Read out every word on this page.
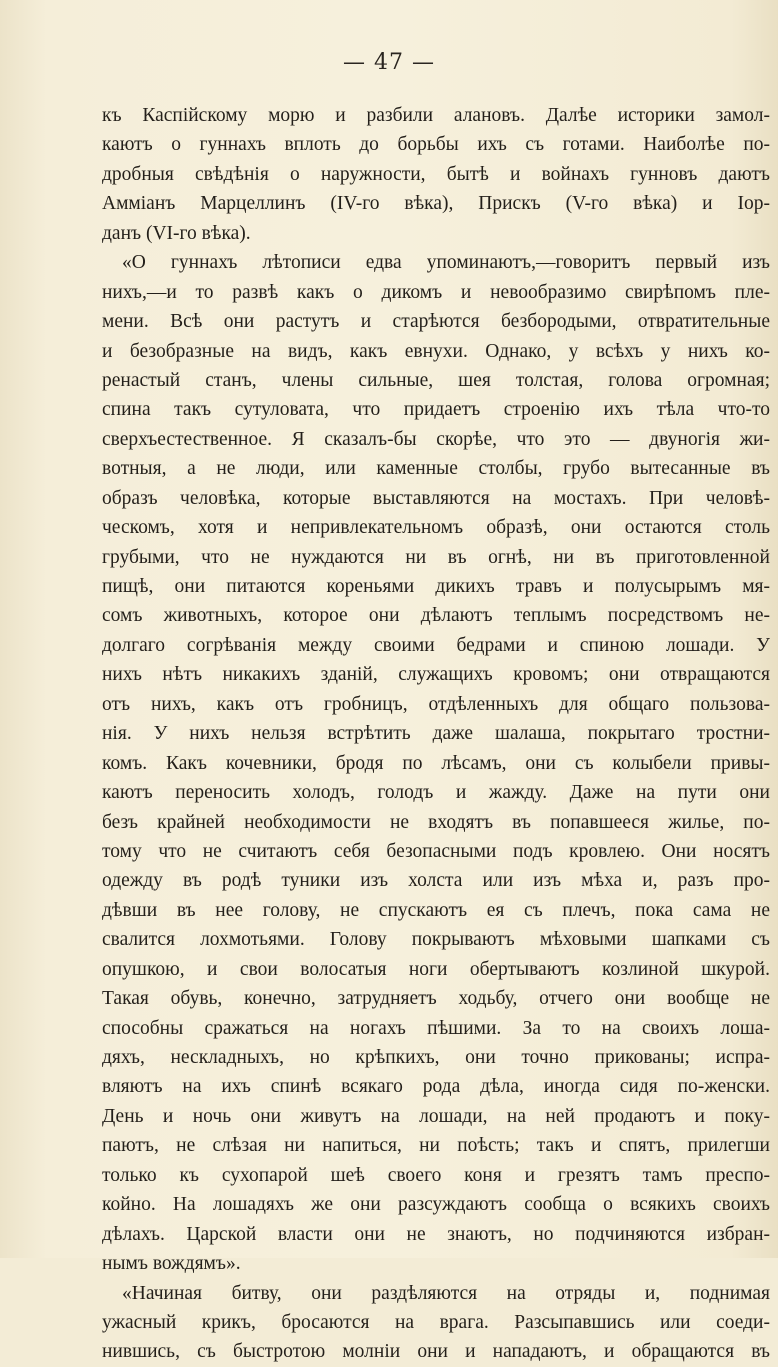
— 47 —
къ Каспійскому морю и разбили алановъ. Далѣе историки замол-
каютъ о гуннахъ вплоть до борьбы ихъ съ готами. Наиболѣе по-
дробныя свѣдѣнія о наружности, бытѣ и войнахъ гунновъ даютъ
Амміанъ Марцеллинъ (IV-го вѣка), Прискъ (V-го вѣка) и Іор-
данъ (VI-го вѣка).
«О гуннахъ лѣтописи едва упоминаютъ,—говоритъ первый изъ
нихъ,—и то развѣ какъ о дикомъ и невообразимо свирѣпомъ пле-
мени. Всѣ они растутъ и старѣются безбородыми, отвратительные
и безобразные на видъ, какъ евнухи. Однако, у всѣхъ у нихъ ко-
ренастый станъ, члены сильные, шея толстая, голова огромная;
спина такъ сутуловата, что придаетъ строенію ихъ тѣла что-то
сверхъестественное. Я сказалъ-бы скорѣе, что это — двуногія жи-
вотныя, а не люди, или каменные столбы, грубо вытесанные въ
образъ человѣка, которые выставляются на мостахъ. При человѣ-
ческомъ, хотя и непривлекательномъ образѣ, они остаются столь
грубыми, что не нуждаются ни въ огнѣ, ни въ приготовленной
пищѣ, они питаются кореньями дикихъ травъ и полусырымъ мя-
сомъ животныхъ, которое они дѣлаютъ теплымъ посредствомъ не-
долгаго согрѣванія между своими бедрами и спиною лошади. У
нихъ нѣтъ никакихъ зданій, служащихъ кровомъ; они отвращаются
отъ нихъ, какъ отъ гробницъ, отдѣленныхъ для общаго пользова-
нія. У нихъ нельзя встрѣтить даже шалаша, покрытаго тростни-
комъ. Какъ кочевники, бродя по лѣсамъ, они съ колыбели привы-
каютъ переносить холодъ, голодъ и жажду. Даже на пути они
безъ крайней необходимости не входятъ въ попавшееся жилье, по-
тому что не считаютъ себя безопасными подъ кровлею. Они носятъ
одежду въ родѣ туники изъ холста или изъ мѣха и, разъ про-
дѣвши въ нее голову, не спускаютъ ея съ плечъ, пока сама не
свалится лохмотьями. Голову покрываютъ мѣховыми шапками съ
опушкою, и свои волосатыя ноги обертываютъ козлиной шкурой.
Такая обувь, конечно, затрудняетъ ходьбу, отчего они вообще не
способны сражаться на ногахъ пѣшими. За то на своихъ лоша-
дяхъ, нескладныхъ, но крѣпкихъ, они точно прикованы; испра-
вляютъ на ихъ спинѣ всякаго рода дѣла, иногда сидя по-женски.
День и ночь они живутъ на лошади, на ней продаютъ и поку-
паютъ, не слѣзая ни напиться, ни поѣсть; такъ и спятъ, прилегши
только къ сухопарой шеѣ своего коня и грезятъ тамъ преспо-
койно. На лошадяхъ же они разсуждаютъ сообща о всякихъ своихъ
дѣлахъ. Царской власти они не знаютъ, но подчиняются избран-
нымъ вождямъ».
«Начиная битву, они раздѣляются на отряды и, поднимая
ужасный крикъ, бросаются на врага. Разсыпавшись или соеди-
нившись, съ быстротою молніи они и нападаютъ, и обращаются въ
